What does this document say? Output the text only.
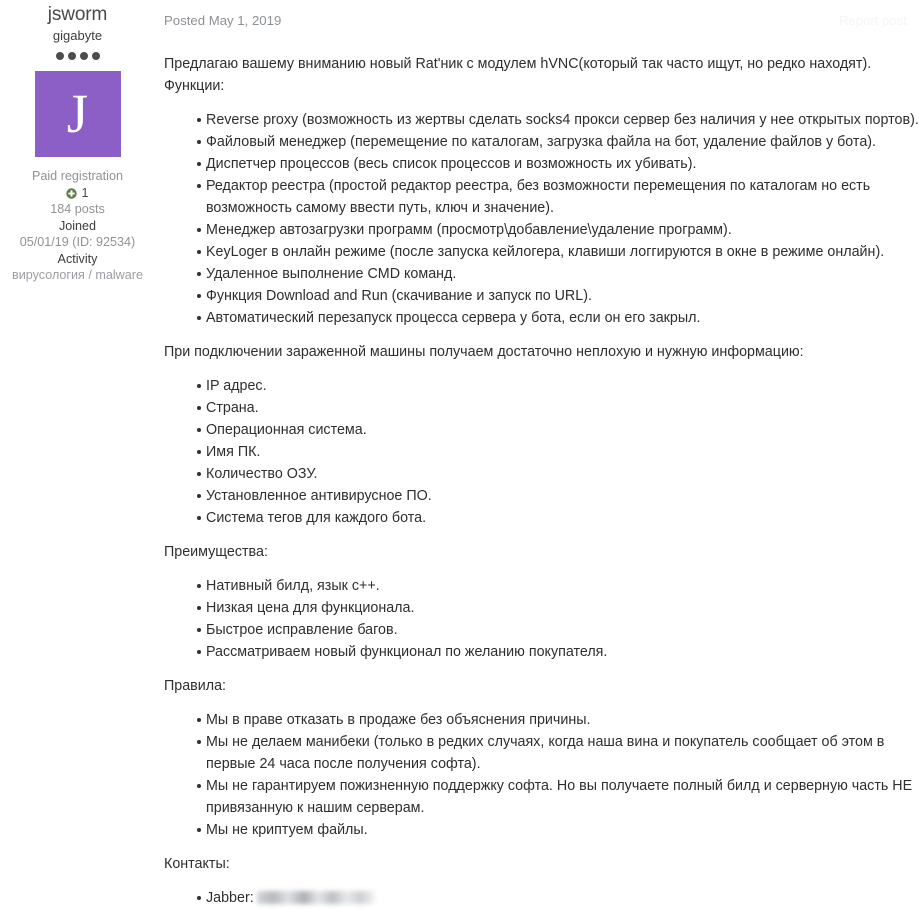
jsworm
gigabyte
J
Paid registration
1
184 posts
Joined
05/01/19 (ID: 92534)
Activity
вирусология / malware
Posted May 1, 2019	Report post

Предлагаю вашему вниманию новый Rat'ник с модулем hVNC(который так часто ищут, но редко находят).

Функции:

Reverse proxy (возможность из жертвы сделать socks4 прокси сервер без наличия у нее открытых портов).
Файловый менеджер (перемещение по каталогам, загрузка файла на бот, удаление файлов у бота).
Диспетчер процессов (весь список процессов и возможность их убивать).
Редактор реестра (простой редактор реестра, без возможности перемещения по каталогам но есть возможность самому ввести путь, ключ и значение).
Менеджер автозагрузки программ (просмотр\добавление\удаление программ).
KeyLoger в онлайн режиме (после запуска кейлогера, клавиши логгируются в окне в режиме онлайн).
Удаленное выполнение CMD команд.
Функция Download and Run (скачивание и запуск по URL).
Автоматический перезапуск процесса сервера у бота, если он его закрыл.

При подключении зараженной машины получаем достаточно неплохую и нужную информацию:

IP адрес.
Страна.
Операционная система.
Имя ПК.
Количество ОЗУ.
Установленное антивирусное ПО.
Система тегов для каждого бота.

Преимущества:

Нативный билд, язык c++.
Низкая цена для функционала.
Быстрое исправление багов.
Рассматриваем новый функционал по желанию покупателя.

Правила:

Мы в праве отказать в продаже без объяснения причины.
Мы не делаем манибеки (только в редких случаях, когда наша вина и покупатель сообщает об этом в первые 24 часа после получения софта).
Мы не гарантируем пожизненную поддержку софта. Но вы получаете полный билд и серверную часть НЕ привязанную к нашим серверам.
Мы не криптуем файлы.

Контакты:

Jabber:
